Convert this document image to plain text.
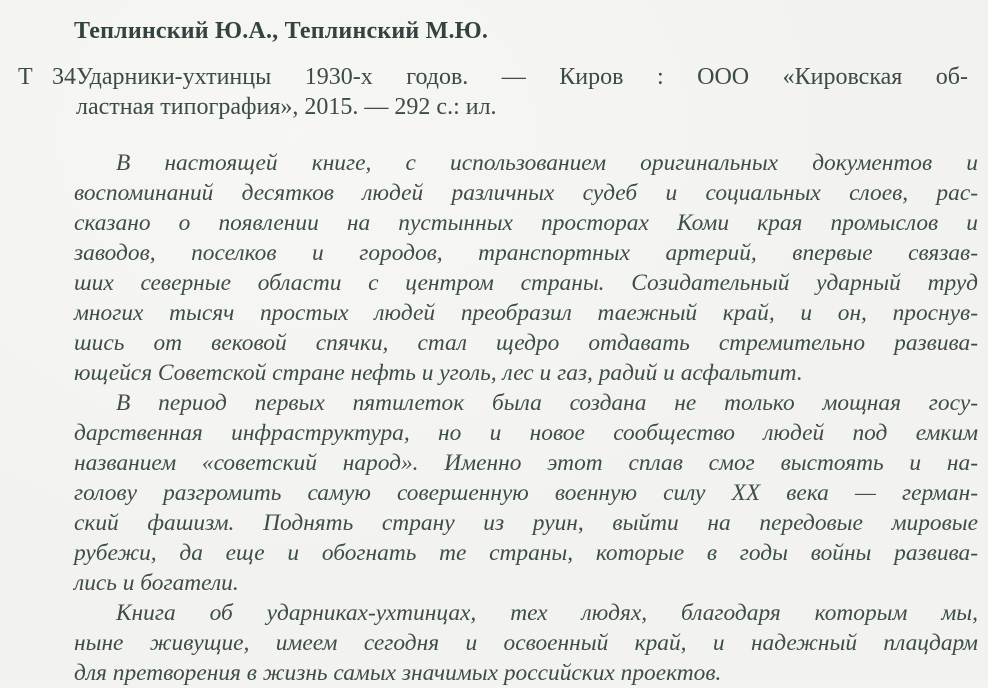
Теплинский Ю.А., Теплинский М.Ю.
Т 34Ударники-ухтинцы 1930-х годов. — Киров : ООО «Кировская об-
ластная типография», 2015. — 292 с.: ил.
В настоящей книге, с использованием оригинальных документов и
воспоминаний десятков людей различных судеб и социальных слоев, рас-
сказано о появлении на пустынных просторах Коми края промыслов и
заводов, поселков и городов, транспортных артерий, впервые связав-
ших северные области с центром страны. Созидательный ударный труд
многих тысяч простых людей преобразил таежный край, и он, проснув-
шись от вековой спячки, стал щедро отдавать стремительно развива-
ющейся Советской стране нефть и уголь, лес и газ, радий и асфальтит.
В период первых пятилеток была создана не только мощная госу-
дарственная инфраструктура, но и новое сообщество людей под емким
названием «советский народ». Именно этот сплав смог выстоять и на-
голову разгромить самую совершенную военную силу XX века — герман-
ский фашизм. Поднять страну из руин, выйти на передовые мировые
рубежи, да еще и обогнать те страны, которые в годы войны развива-
лись и богатели.
Книга об ударниках-ухтинцах, тех людях, благодаря которым мы,
ныне живущие, имеем сегодня и освоенный край, и надежный плацдарм
для претворения в жизнь самых значимых российских проектов.
